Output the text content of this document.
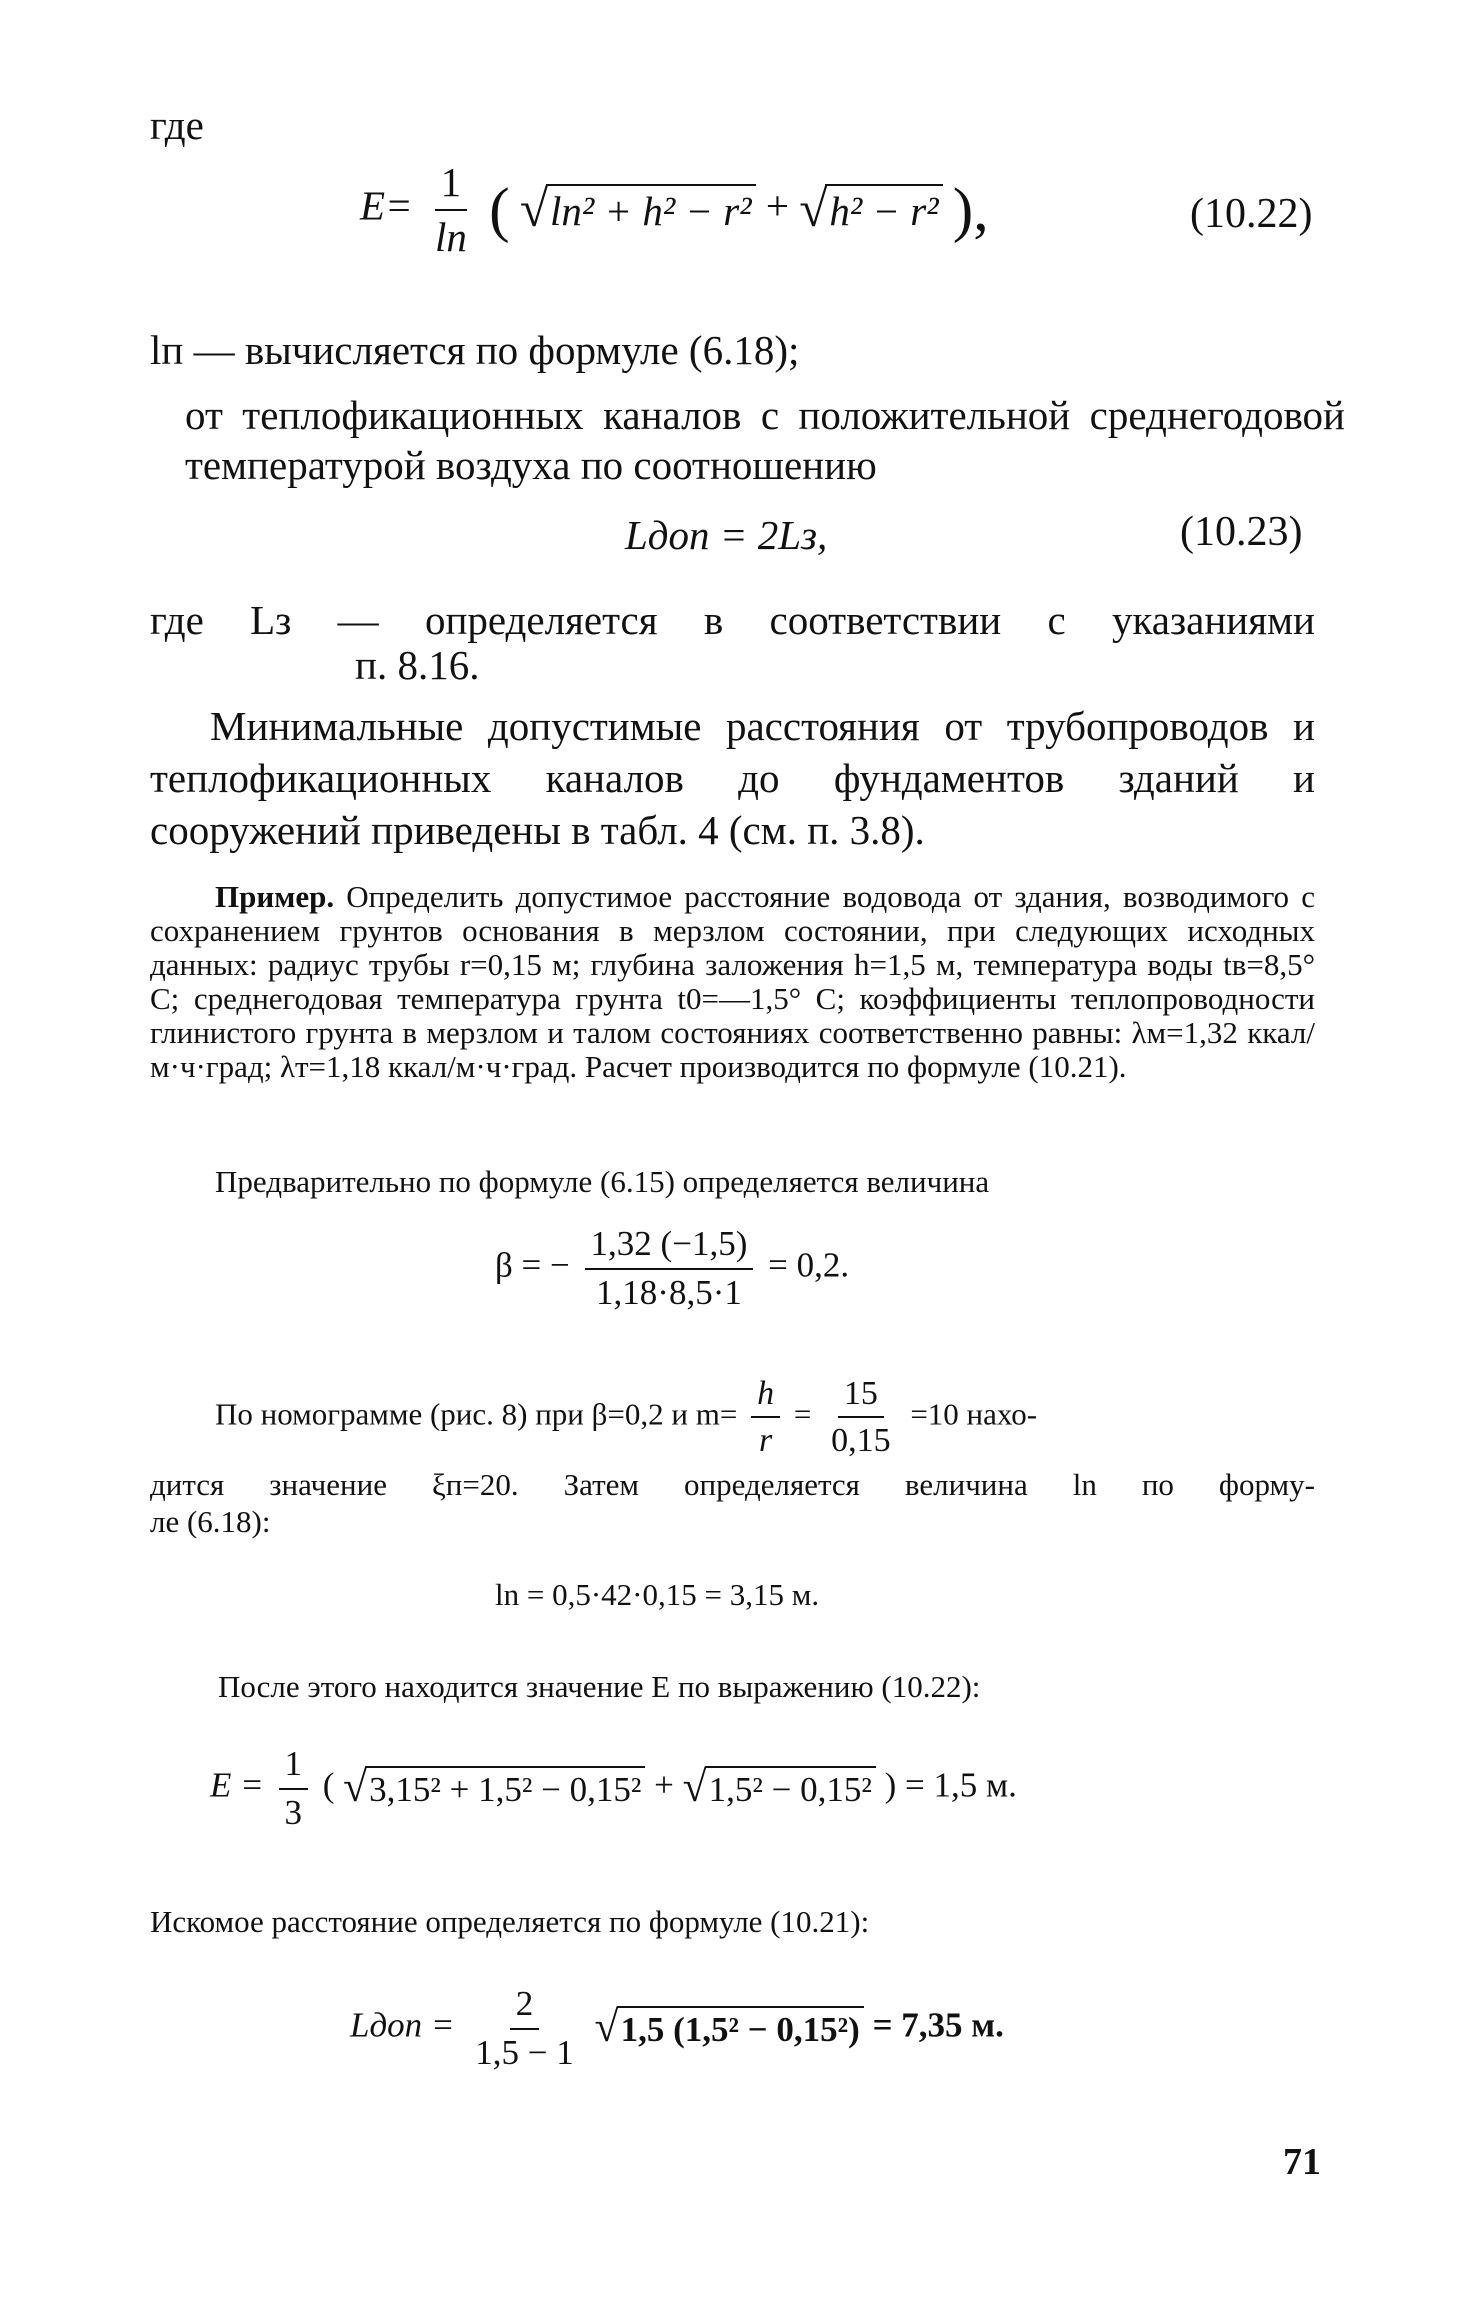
где
$E= \frac{1}{lп}$ ( √ lп² + h² − r² + √ h² − r² ),	(10.22)
lп — вычисляется по формуле (6.18);

от теплофикационных каналов с положительной среднегодовой температурой воздуха по соотношению

Lдоп = 2Lз,	(10.23)
где Lз — определяется в соответствии с указаниями
п. 8.16.

Минимальные допустимые расстояния от трубопроводов и теплофикационных каналов до фундаментов зданий и сооружений приведены в табл. 4 (см. п. 3.8).

Пример. Определить допустимое расстояние водовода от здания, возводимого с сохранением грунтов основания в мерзлом состоянии, при следующих исходных данных: радиус трубы r=0,15 м; глубина заложения h=1,5 м, температура воды tв=8,5° С; среднегодовая температура грунта t0=—1,5° С; коэффициенты теплопроводности глинистого грунта в мерзлом и талом состояниях соответственно равны: λм=1,32 ккал/м·ч·град; λт=1,18 ккал/м·ч·град. Расчет производится по формуле (10.21).

Предварительно по формуле (6.15) определяется величина
β = − $\frac{1,32 (-1,5)}{1,18\cdot 8,5\cdot 1} = 0,2$.
По номограмме (рис. 8) при β=0,2 и $m= \frac{h}{r} = \frac{15}{0,15} =10$ нахо-
дится значение ξп=20. Затем определяется величина ln по форму-
ле (6.18):
ln = 0,5·42·0,15 = 3,15 м.
После этого находится значение E по выражению (10.22):
$E = \frac{1}{3}$ ( √ 3,15² + 1,5² − 0,15² + √ 1,5² − 0,15² ) = 1,5 м.
Искомое расстояние определяется по формуле (10.21):
Lдоп = $\frac{2}{1,5 - 1}$
√ 1,5 (1,5² − 0,15²) = 7,35 м.
71
